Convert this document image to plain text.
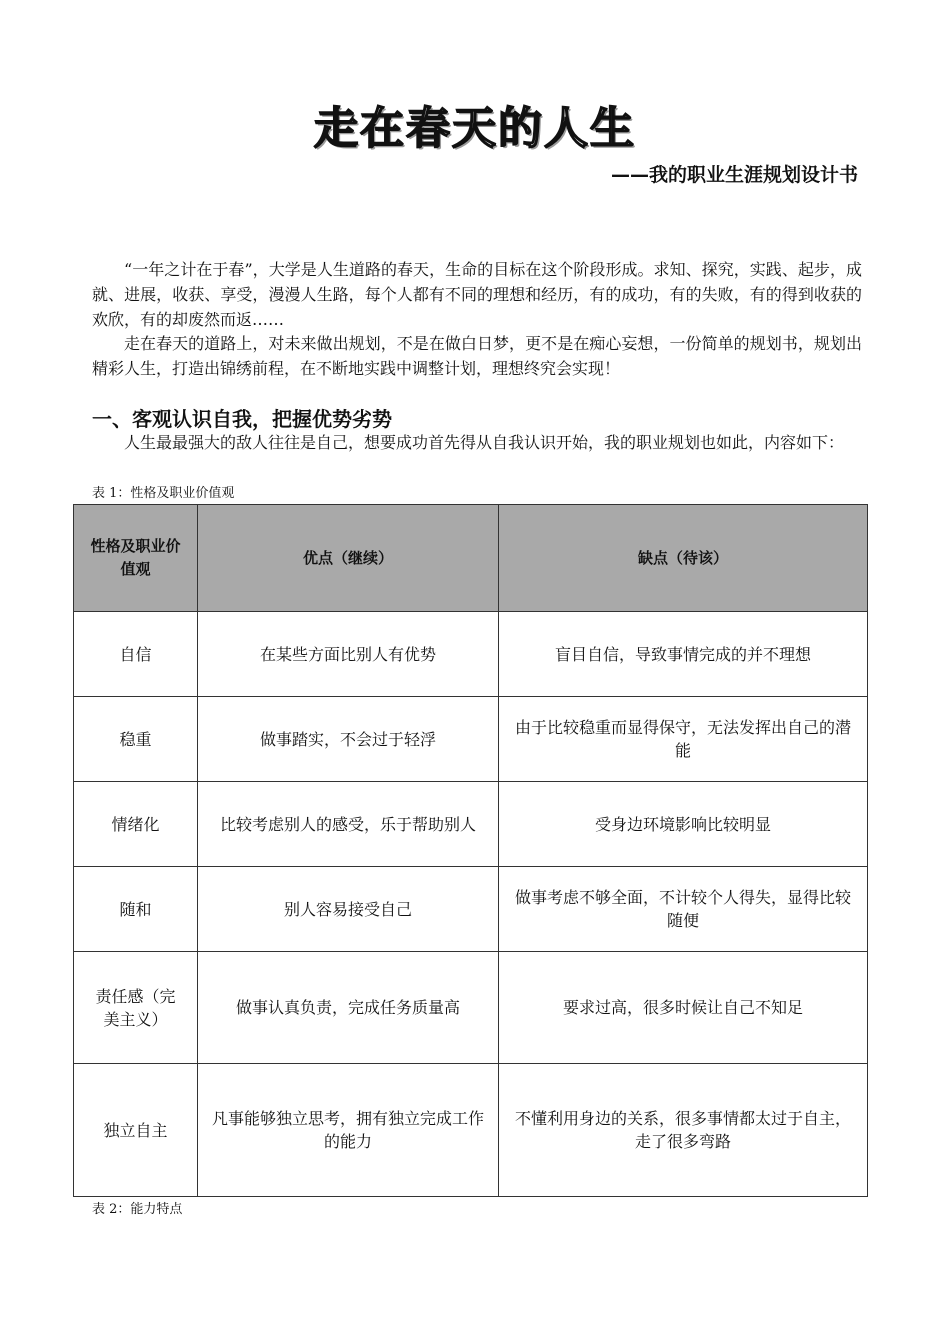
走在春天的人生
——我的职业生涯规划设计书

“一年之计在于春”，大学是人生道路的春天，生命的目标在这个阶段形成。求知、探究，实践、起步，成就、进展，收获、享受，漫漫人生路，每个人都有不同的理想和经历，有的成功，有的失败，有的得到收获的欢欣，有的却废然而返……

走在春天的道路上，对未来做出规划，不是在做白日梦，更不是在痴心妄想，一份简单的规划书，规划出精彩人生，打造出锦绣前程，在不断地实践中调整计划，理想终究会实现！

一、客观认识自我，把握优势劣势

人生最最强大的敌人往往是自己，想要成功首先得从自我认识开始，我的职业规划也如此，内容如下：

表 1：性格及职业价值观
性格及职业价值观	优点（继续）	缺点（待该）
自信	在某些方面比别人有优势	盲目自信，导致事情完成的并不理想
稳重	做事踏实，不会过于轻浮	由于比较稳重而显得保守，无法发挥出自己的潜能
情绪化	比较考虑别人的感受，乐于帮助别人	受身边环境影响比较明显
随和	别人容易接受自己	做事考虑不够全面，不计较个人得失，显得比较随便
责任感（完美主义）	做事认真负责，完成任务质量高	要求过高，很多时候让自己不知足
独立自主	凡事能够独立思考，拥有独立完成工作的能力	不懂利用身边的关系，很多事情都太过于自主，走了很多弯路
表 2：能力特点
